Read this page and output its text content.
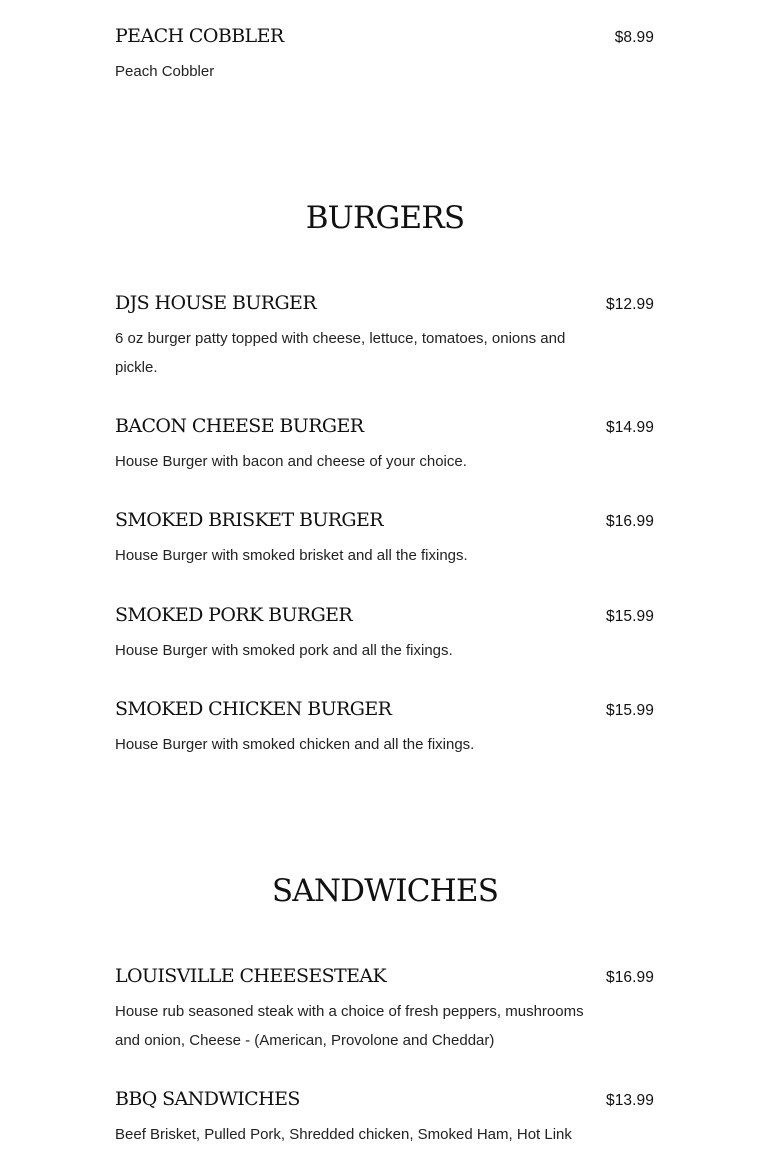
PEACH COBBLER	$8.99
Peach Cobbler
BURGERS
DJS HOUSE BURGER	$12.99
6 oz burger patty topped with cheese, lettuce, tomatoes, onions and pickle.
BACON CHEESE BURGER	$14.99
House Burger with bacon and cheese of your choice.
SMOKED BRISKET BURGER	$16.99
House Burger with smoked brisket and all the fixings.
SMOKED PORK BURGER	$15.99
House Burger with smoked pork and all the fixings.
SMOKED CHICKEN BURGER	$15.99
House Burger with smoked chicken and all the fixings.
SANDWICHES
LOUISVILLE CHEESESTEAK	$16.99
House rub seasoned steak with a choice of fresh peppers, mushrooms and onion, Cheese - (American, Provolone and Cheddar)
BBQ SANDWICHES	$13.99
Beef Brisket, Pulled Pork, Shredded chicken, Smoked Ham, Hot Link
